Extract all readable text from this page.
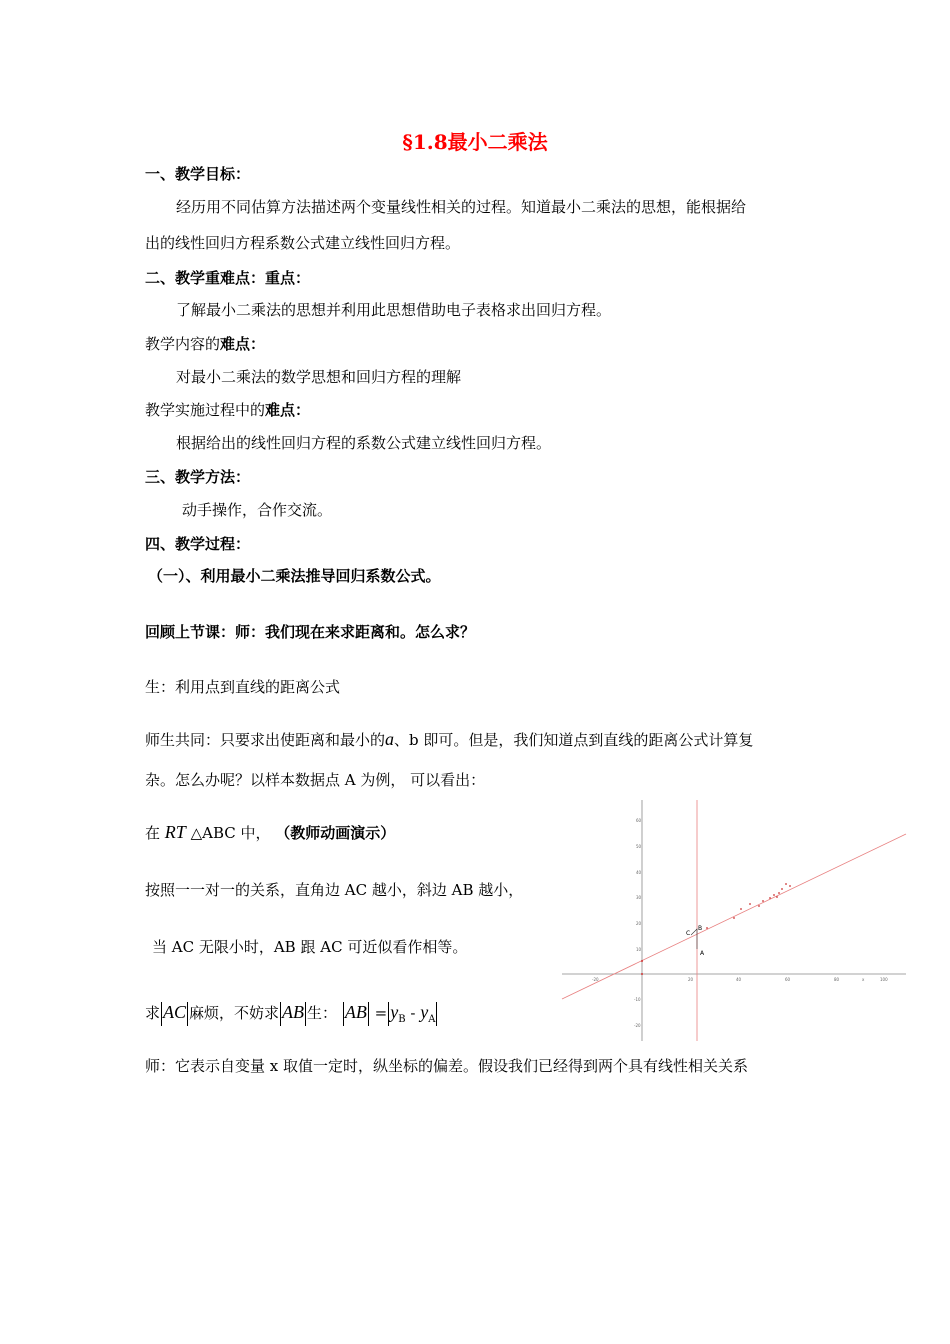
§1.8最小二乘法
一、教学目标：
经历用不同估算方法描述两个变量线性相关的过程。知道最小二乘法的思想，能根据给
出的线性回归方程系数公式建立线性回归方程。
二、教学重难点：重点：
了解最小二乘法的思想并利用此思想借助电子表格求出回归方程。
教学内容的难点：
对最小二乘法的数学思想和回归方程的理解
教学实施过程中的难点：
根据给出的线性回归方程的系数公式建立线性回归方程。
三、教学方法：
动手操作，合作交流。
四、教学过程：
（一）、利用最小二乘法推导回归系数公式。
回顾上节课：师：我们现在来求距离和。怎么求？
生：利用点到直线的距离公式
师生共同：只要求出使距离和最小的a、b 即可。但是，我们知道点到直线的距离公式计算复
杂。怎么办呢？以样本数据点 A 为例， 可以看出：
在 RT △ABC 中， （教师动画演示）
按照一一对一的关系，直角边 AC 越小，斜边 AB 越小，
当 AC 无限小时，AB 跟 AC 可近似看作相等。
求 AC 麻烦，不妨求 AB 生： AB = $y_B - y_A$
师：它表示自变量 x 取值一定时，纵坐标的偏差。假设我们已经得到两个具有线性相关关系
-20	20	40	60	80	100
x
60
50
40
30
20
10
-10
-20
C
B
A
